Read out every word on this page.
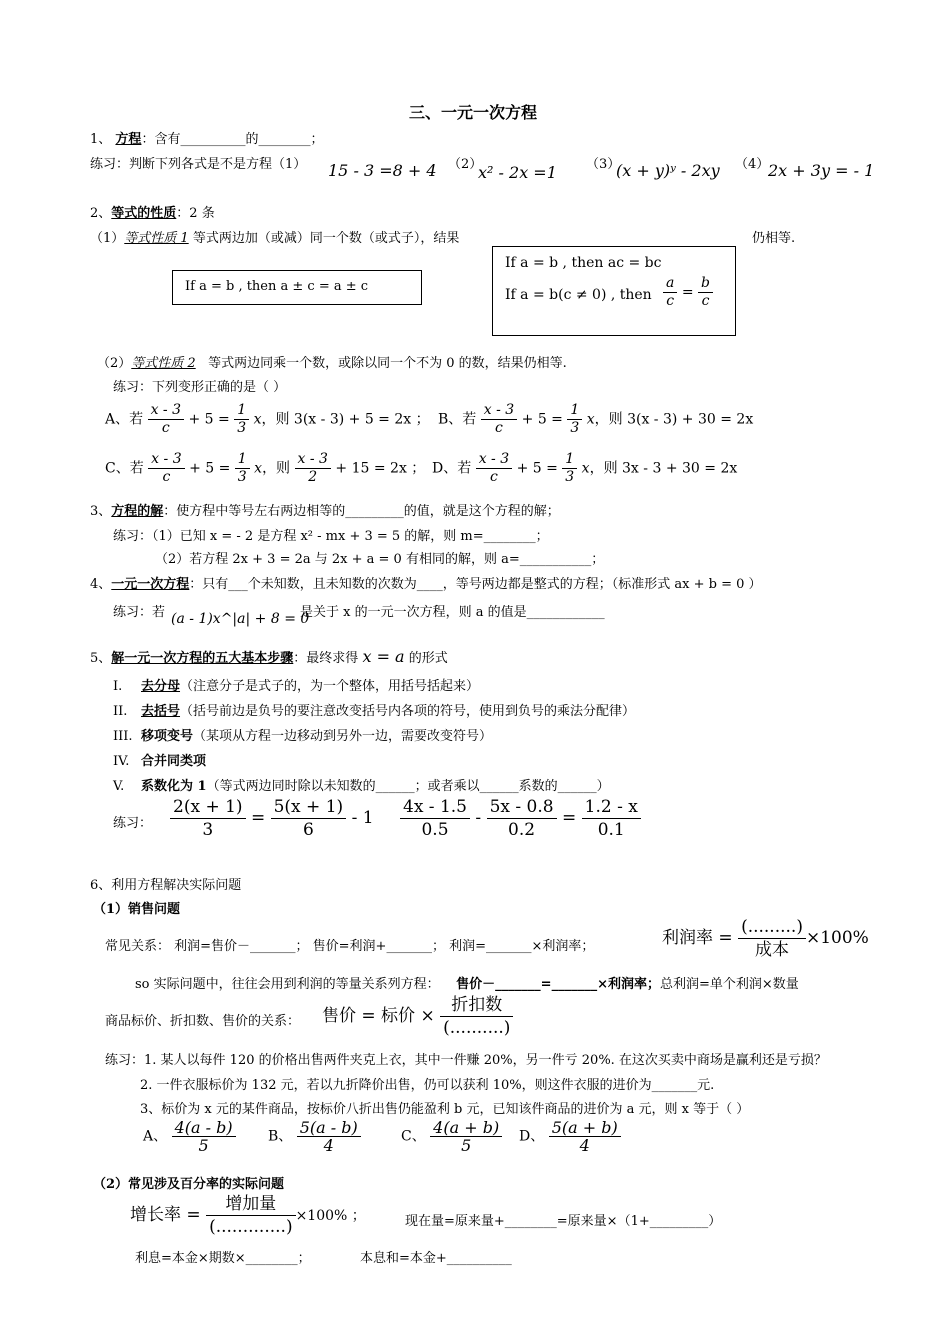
三、一元一次方程
1、 方程：含有__________的________；
练习：判断下列各式是不是方程（1） 15 - 3 =8 + 4 （2）
x² - 2x =1 （3）
(x + y)ʸ - 2xy （4）
2x + 3y = - 1
2、等式的性质：2 条
（1）等式性质 1 等式两边加（或减）同一个数（或式子），结果	仍相等.
If a = b , then a ± c = a ± c
If a = b , then ac = bc
If a = b(c ≠ 0) , then $\frac{a}{c} = \frac{b}{c}$
（2）等式性质 2 等式两边同乘一个数，或除以同一个不为 0 的数，结果仍相等.
练习：下列变形正确的是（ ）
A、若 $\frac{x - 3}{c} + 5 = \frac{1}{3}$ x，则 3(x - 3) + 5 = 2x ； B、若 $\frac{x - 3}{c} + 5 = \frac{1}{3}$ x，则 3(x - 3) + 30 = 2x
C、若 $\frac{x - 3}{c} + 5 = \frac{1}{3}$ x，则 $\frac{x - 3}{2} + 15 = 2x$ ； D、若 $\frac{x - 3}{c} + 5 = \frac{1}{3}$ x，则 3x - 3 + 30 = 2x
3、方程的解：使方程中等号左右两边相等的_________的值，就是这个方程的解；
练习：（1）已知 x = - 2 是方程 x² - mx + 3 = 5 的解，则 m=________；
（2）若方程 2x + 3 = 2a 与 2x + a = 0 有相同的解，则 a=___________；
4、一元一次方程：只有___个未知数，且未知数的次数为____，等号两边都是整式的方程；（标准形式 ax + b = 0 ）
练习：若 (a - 1)x^|a| + 8 = 0
是关于 x 的一元一次方程，则 a 的值是____________
5、解一元一次方程的五大基本步骤：最终求得 x = a 的形式
I. 去分母（注意分子是式子的，为一个整体，用括号括起来）
II. 去括号（括号前边是负号的要注意改变括号内各项的符号，使用到负号的乘法分配律）
III. 移项变号（某项从方程一边移动到另外一边，需要改变符号）
IV. 合并同类项
V. 系数化为 1（等式两边同时除以未知数的______；或者乘以______系数的______）
练习： $\frac{2(x + 1)}{3} = \frac{5(x + 1)}{6} - 1 \frac{4x - 1.5}{0.5} - \frac{5x - 0.8}{0.2} = \frac{1.2 - x}{0.1}$
6、利用方程解决实际问题
（1）销售问题
常见关系： 利润=售价－_______； 售价=利润+_______； 利润=_______×利润率；	利润率 = $\frac{(.........)}{\text{成本}} \times 100\%$
so 实际问题中，往往会用到利润的等量关系列方程： 售价－_______=_______×利润率；总利润=单个利润×数量
商品标价、折扣数、售价的关系： 售价 = 标价 × $\frac{\text{折扣数}}{(..........)}$
练习：1. 某人以每件 120 的价格出售两件夹克上衣，其中一件赚 20%，另一件亏 20%. 在这次买卖中商场是赢利还是亏损？
2. 一件衣服标价为 132 元，若以九折降价出售，仍可以获利 10%，则这件衣服的进价为_______元.
3、标价为 x 元的某件商品，按标价八折出售仍能盈利 b 元，已知该件商品的进价为 a 元，则 x 等于（ ）
A、 $\frac{4(a - b)}{5}$ B、 $\frac{5(a - b)}{4}$	C、 $\frac{4(a + b)}{5}$ D、 $\frac{5(a + b)}{4}$
（2）常见涉及百分率的实际问题
增长率 = $\frac{\text{增加量}}{(.............)} \times 100\%$ ；	现在量=原来量+________=原来量×（1+_________）
利息=本金×期数×________；	本息和=本金+__________
